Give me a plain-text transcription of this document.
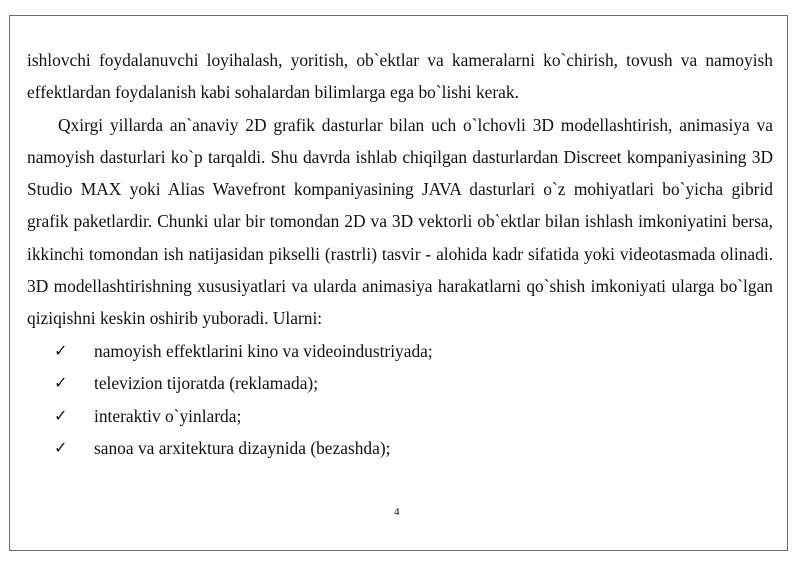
ishlovchi foydalanuvchi loyihalash, yoritish, ob`ektlar va kameralarni ko`chirish, tovush va namoyish effektlardan foydalanish kabi sohalardan bilimlarga ega bo`lishi kerak.

Qxirgi yillarda an`anaviy 2D grafik dasturlar bilan uch o`lchovli 3D modellashtirish, animasiya va namoyish dasturlari ko`p tarqaldi. Shu davrda ishlab chiqilgan dasturlardan Discreet kompaniyasining 3D Studio MAX yoki Alias Wavefront kompaniyasining JAVA dasturlari o`z mohiyatlari bo`yicha gibrid grafik paketlardir. Chunki ular bir tomondan 2D va 3D vektorli ob`ektlar bilan ishlash imkoniyatini bersa, ikkinchi tomondan ish natijasidan pikselli (rastrli) tasvir - alohida kadr sifatida yoki videotasmada olinadi. 3D modellashtirishning xususiyatlari va ularda animasiya harakatlarni qo`shish imkoniyati ularga bo`lgan qiziqishni keskin oshirib yuboradi. Ularni:

✓ namoyish effektlarini kino va videoindustriyada;
✓ televizion tijoratda (reklamada);
✓ interaktiv o`yinlarda;
✓ sanoa va arxitektura dizaynida (bezashda);
4
